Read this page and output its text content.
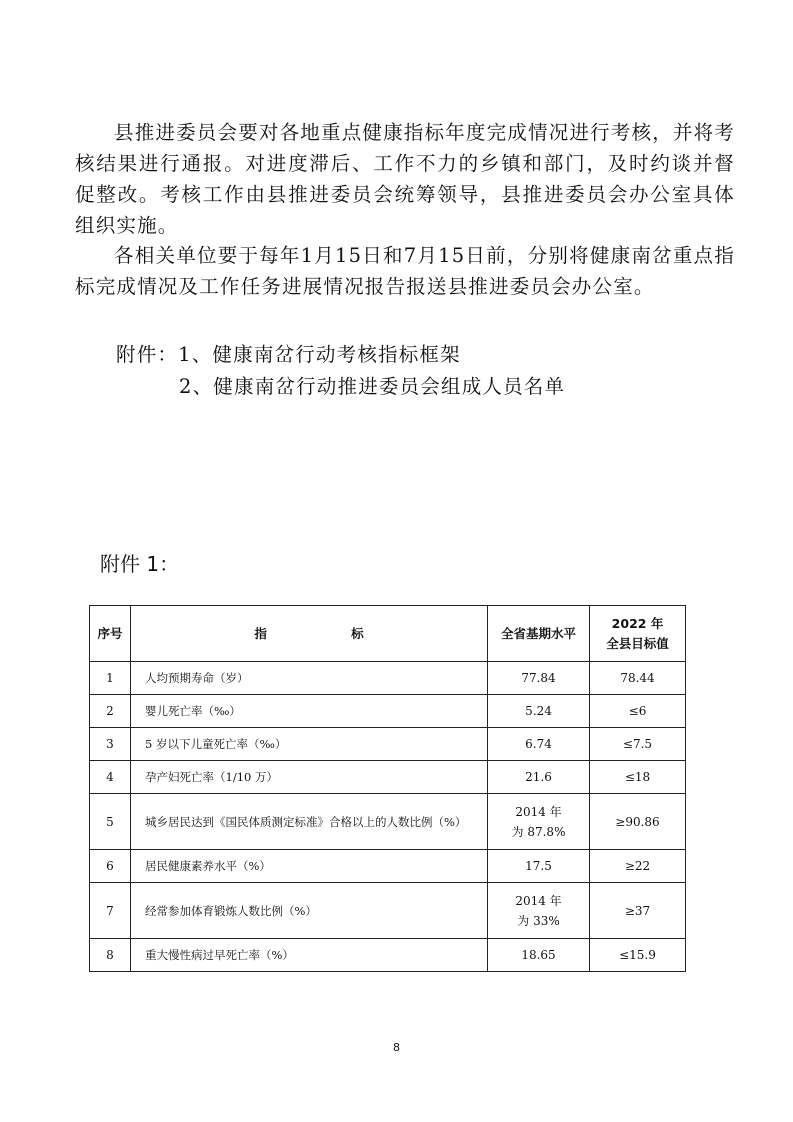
县推进委员会要对各地重点健康指标年度完成情况进行考核，并将考核结果进行通报。对进度滞后、工作不力的乡镇和部门，及时约谈并督促整改。考核工作由县推进委员会统筹领导，县推进委员会办公室具体组织实施。

各相关单位要于每年1月15日和7月15日前，分别将健康南岔重点指标完成情况及工作任务进展情况报告报送县推进委员会办公室。

附件：1、健康南岔行动考核指标框架
2、健康南岔行动推进委员会组成人员名单
附件 1：
序号	指 标	全省基期水平	2022 年
全县目标值

1	人均预期寿命（岁）	77.84	78.44
2	婴儿死亡率（‰）	5.24	≤6
3	5 岁以下儿童死亡率（‰）	6.74	≤7.5
4	孕产妇死亡率（1/10 万）	21.6	≤18
5	城乡居民达到《国民体质测定标准》合格以上的人数比例（%）	2014 年
为 87.8%	≥90.86
6	居民健康素养水平（%）	17.5	≥22
7	经常参加体育锻炼人数比例（%）	2014 年
为 33%	≥37
8	重大慢性病过早死亡率（%）	18.65	≤15.9
8
